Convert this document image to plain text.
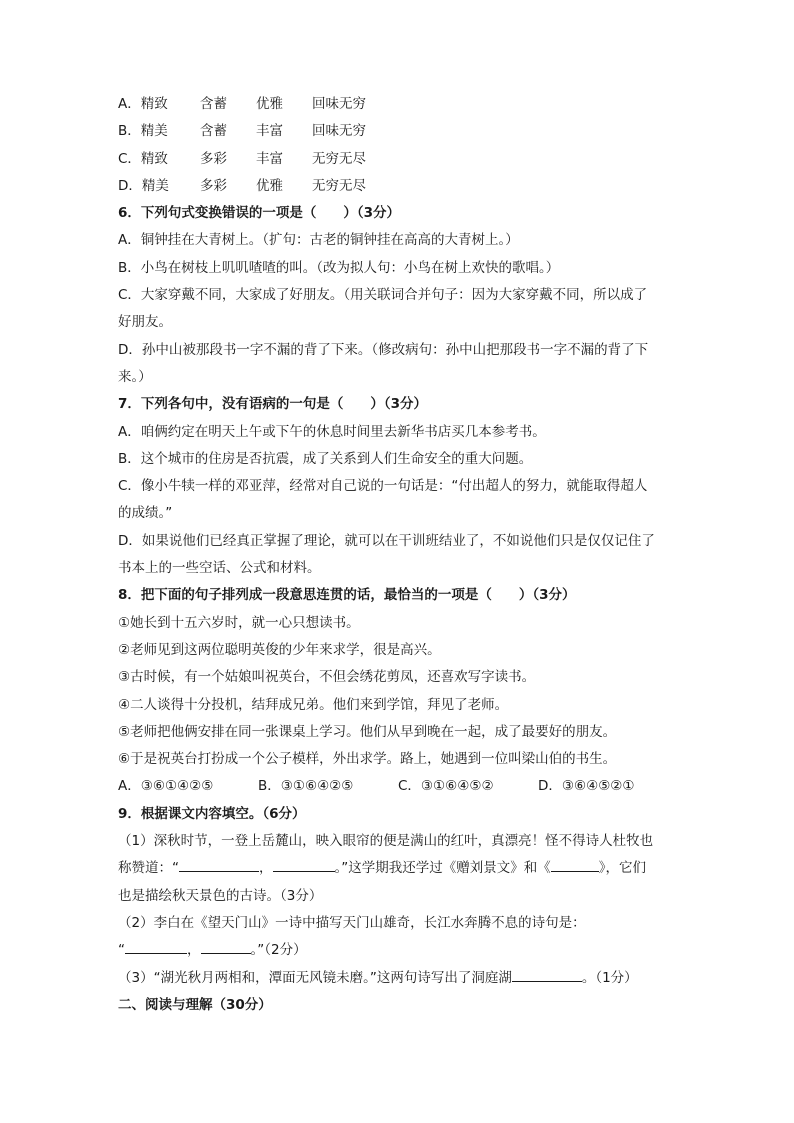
A．精致 含蓄 优雅 回味无穷
B．精美 含蓄 丰富 回味无穷
C．精致 多彩 丰富 无穷无尽
D．精美 多彩 优雅 无穷无尽
6．下列句式变换错误的一项是（　　）（3分）
A．铜钟挂在大青树上。（扩句：古老的铜钟挂在高高的大青树上。）
B．小鸟在树枝上叽叽喳喳的叫。（改为拟人句：小鸟在树上欢快的歌唱。）
C．大家穿戴不同，大家成了好朋友。（用关联词合并句子：因为大家穿戴不同，所以成了
好朋友。
D．孙中山被那段书一字不漏的背了下来。（修改病句：孙中山把那段书一字不漏的背了下
来。）
7．下列各句中，没有语病的一句是（　　）（3分）
A．咱俩约定在明天上午或下午的休息时间里去新华书店买几本参考书。
B．这个城市的住房是否抗震，成了关系到人们生命安全的重大问题。
C．像小牛犊一样的邓亚萍，经常对自己说的一句话是：“付出超人的努力，就能取得超人
的成绩。”
D．如果说他们已经真正掌握了理论，就可以在干训班结业了，不如说他们只是仅仅记住了
书本上的一些空话、公式和材料。
8．把下面的句子排列成一段意思连贯的话，最恰当的一项是（　　）（3分）
①她长到十五六岁时，就一心只想读书。
②老师见到这两位聪明英俊的少年来求学，很是高兴。
③古时候，有一个姑娘叫祝英台，不但会绣花剪凤，还喜欢写字读书。
④二人谈得十分投机，结拜成兄弟。他们来到学馆，拜见了老师。
⑤老师把他俩安排在同一张课桌上学习。他们从早到晚在一起，成了最要好的朋友。
⑥于是祝英台打扮成一个公子模样，外出求学。路上，她遇到一位叫梁山伯的书生。
A．③⑥①④②⑤	B．③①⑥④②⑤	C．③①⑥④⑤②	D．③⑥④⑤②①
9．根据课文内容填空。（6分）
（1）深秋时节，一登上岳麓山，映入眼帘的便是满山的红叶，真漂亮！怪不得诗人杜牧也
称赞道：“	，	。”这学期我还学过《赠刘景文》和《	》，它们
也是描绘秋天景色的古诗。（3分）
（2）李白在《望天门山》一诗中描写天门山雄奇，长江水奔腾不息的诗句是：
“	，	。”（2分）
（3）“湖光秋月两相和，潭面无风镜未磨。”这两句诗写出了洞庭湖	。（1分）
二、阅读与理解（30分）
